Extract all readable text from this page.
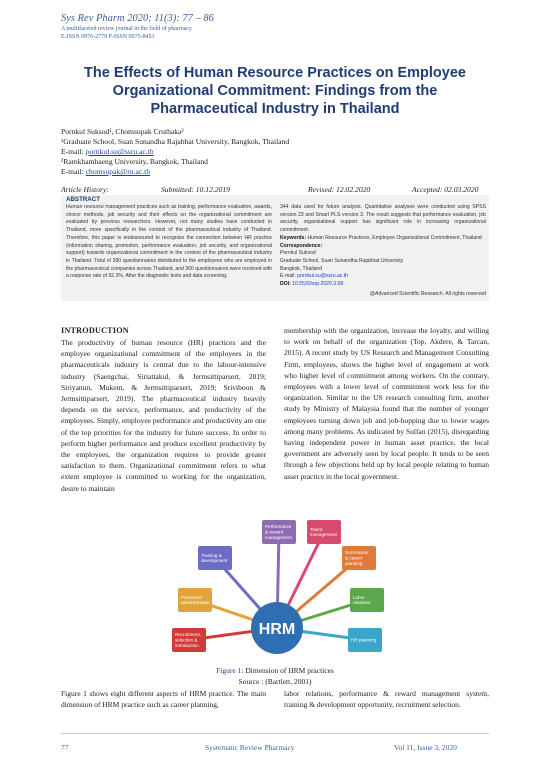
Sys Rev Pharm 2020; 11(3): 77 – 86
A multifaceted review journal in the field of pharmacy
E-ISSN 0976-2779 P-ISSN 0975-8453
The Effects of Human Resource Practices on Employee Organizational Commitment: Findings from the Pharmaceutical Industry in Thailand
Pornkul Suksod¹, Chomsupak Cruthaka²
¹Graduate School, Suan Sunandha Rajabhat University, Bangkok, Thailand
E-mail: pornkul.su@ssru.ac.th
²Ramkhamhaeng University, Bangkok, Thailand
E-mail: chomsupak@ru.ac.th
Article History:	Submitted: 10.12.2019	Revised: 12.02.2020	Accepted: 02.03.2020
ABSTRACT
Human resource management practices such as training, performance evaluation, awards, choice methods, job security and their effects on the organizational commitment are evaluated by previous researchers. However, not many studies have conducted in Thailand, more specifically in the context of the pharmaceutical industry of Thailand. Therefore, this paper is endeavoured to recognize the connection between HR practice (information sharing, promotion, performance evaluation, job security, and organizational support) towards organizational commitment in the context of the pharmaceutical industry in Thailand. Total of 390 questionnaires distributed to the employees who are employed in the pharmaceutical companies across Thailand, and 360 questionnaires were received with a response rate of 92.3%. After the diagnostic tests and data screening,
344 data used for future analysis. Quantitative analyses were conducted using SPSS version 23 and Smart PLS version 3. The result suggests that performance evaluation, job security, organizational support has significant role in increasing organizational commitment.
Keywords: Human Resource Practices, Employee Organizational Commitment, Thailand
Correspondence:
Pornkul Suksod
Graduate School, Suan Sunandha Rajabhat Univeristy
Bangkok, Thailand
E-mail: pornkul.su@ssru.ac.th
DOI: 10.5530/srp.2020.3.08
@Advanced Scientific Research. All rights reserved
INTRODUCTION
The productivity of human resource (HR) practices and the employee organizational commitment of the employees in the pharmaceuticals industry is central due to the labour-intensive industry (Saengchai, Siriattakul, & Jermsittiparsert, 2019; Siriyanun, Mukem, & Jermsittiparsert, 2019; Sriviboon & Jermsittiparsert, 2019). The pharmaceutical industry heavily depends on the service, performance, and productivity of the employees. Simply, employee performance and productivity are one of the top priorities for the industry for future success. In order to perform higher performance and produce excellent productivity by the employees, the organization requires to provide greater satisfaction to them. Organizational commitment refers to what extent employee is committed to working for the organization, desire to maintain
membership with the organization, increase the loyalty, and willing to work on behalf of the organization (Top, Akdere, & Tarcan, 2015). A recent study by US Research and Management Consulting Firm, employees, shows the higher level of engagement at work who higher level of commitment among workers. On the contrary, employees with a lower level of commitment work less for the organization. Similar to the US research consulting firm, another study by Ministry of Malaysia found that the number of younger employees turning down job and job-hopping due to lower wages among many problems. As indicated by Sulfan (2015), disregarding having independent power in human asset practice, the local government are adversely seen by local people. It tends to be seen through a few objections held up by local people relating to human asset practice in the local government.
Performance & reward management
Talent management
Succession & career planning
Labor relations
HR planning
Recruitment, selection & introduction
Personnel administration
Training & development
HRM
Figure 1: Dimension of HRM practices
Source : (Bartlett, 2001)
Figure 1 shows eight different aspects of HRM practice. The main dimension of HRM practice such as career planning,
labor relations, performance & reward management system, training & development opportunity, recruitment selection.
77	Systematic Review Pharmacy	Vol 11, Issue 3, 2020
